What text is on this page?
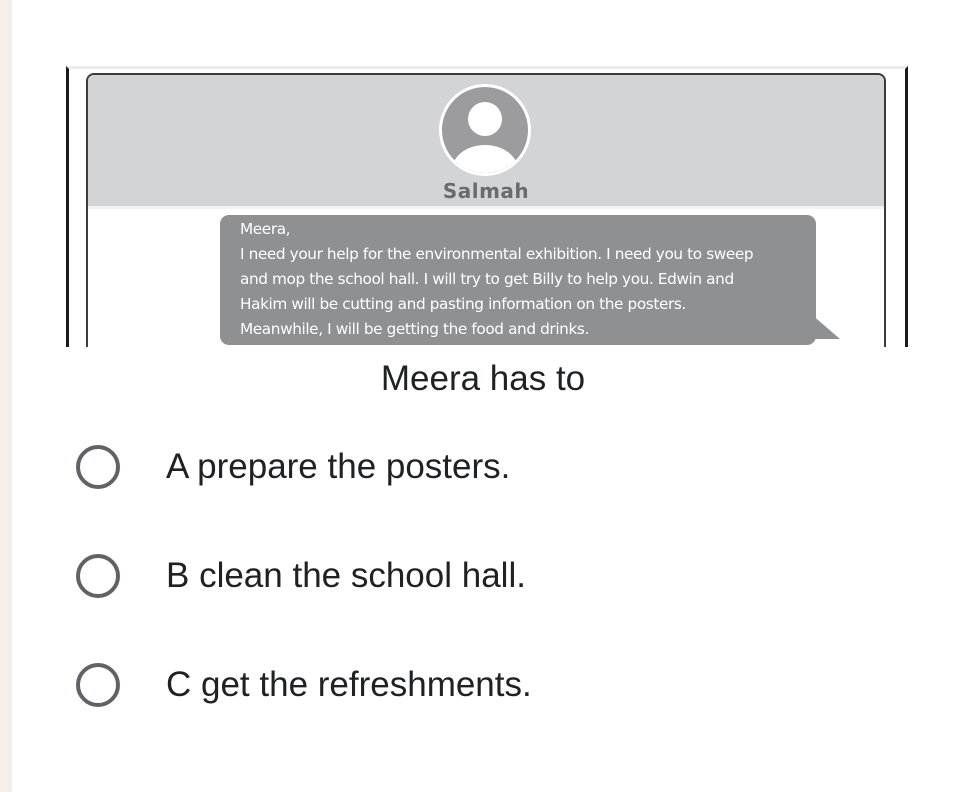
Salmah

Meera,

I need your help for the environmental exhibition. I need you to sweep

and mop the school hall. I will try to get Billy to help you. Edwin and

Hakim will be cutting and pasting information on the posters.

Meanwhile, I will be getting the food and drinks.

Meera has to
A prepare the posters.
B clean the school hall.
C get the refreshments.
